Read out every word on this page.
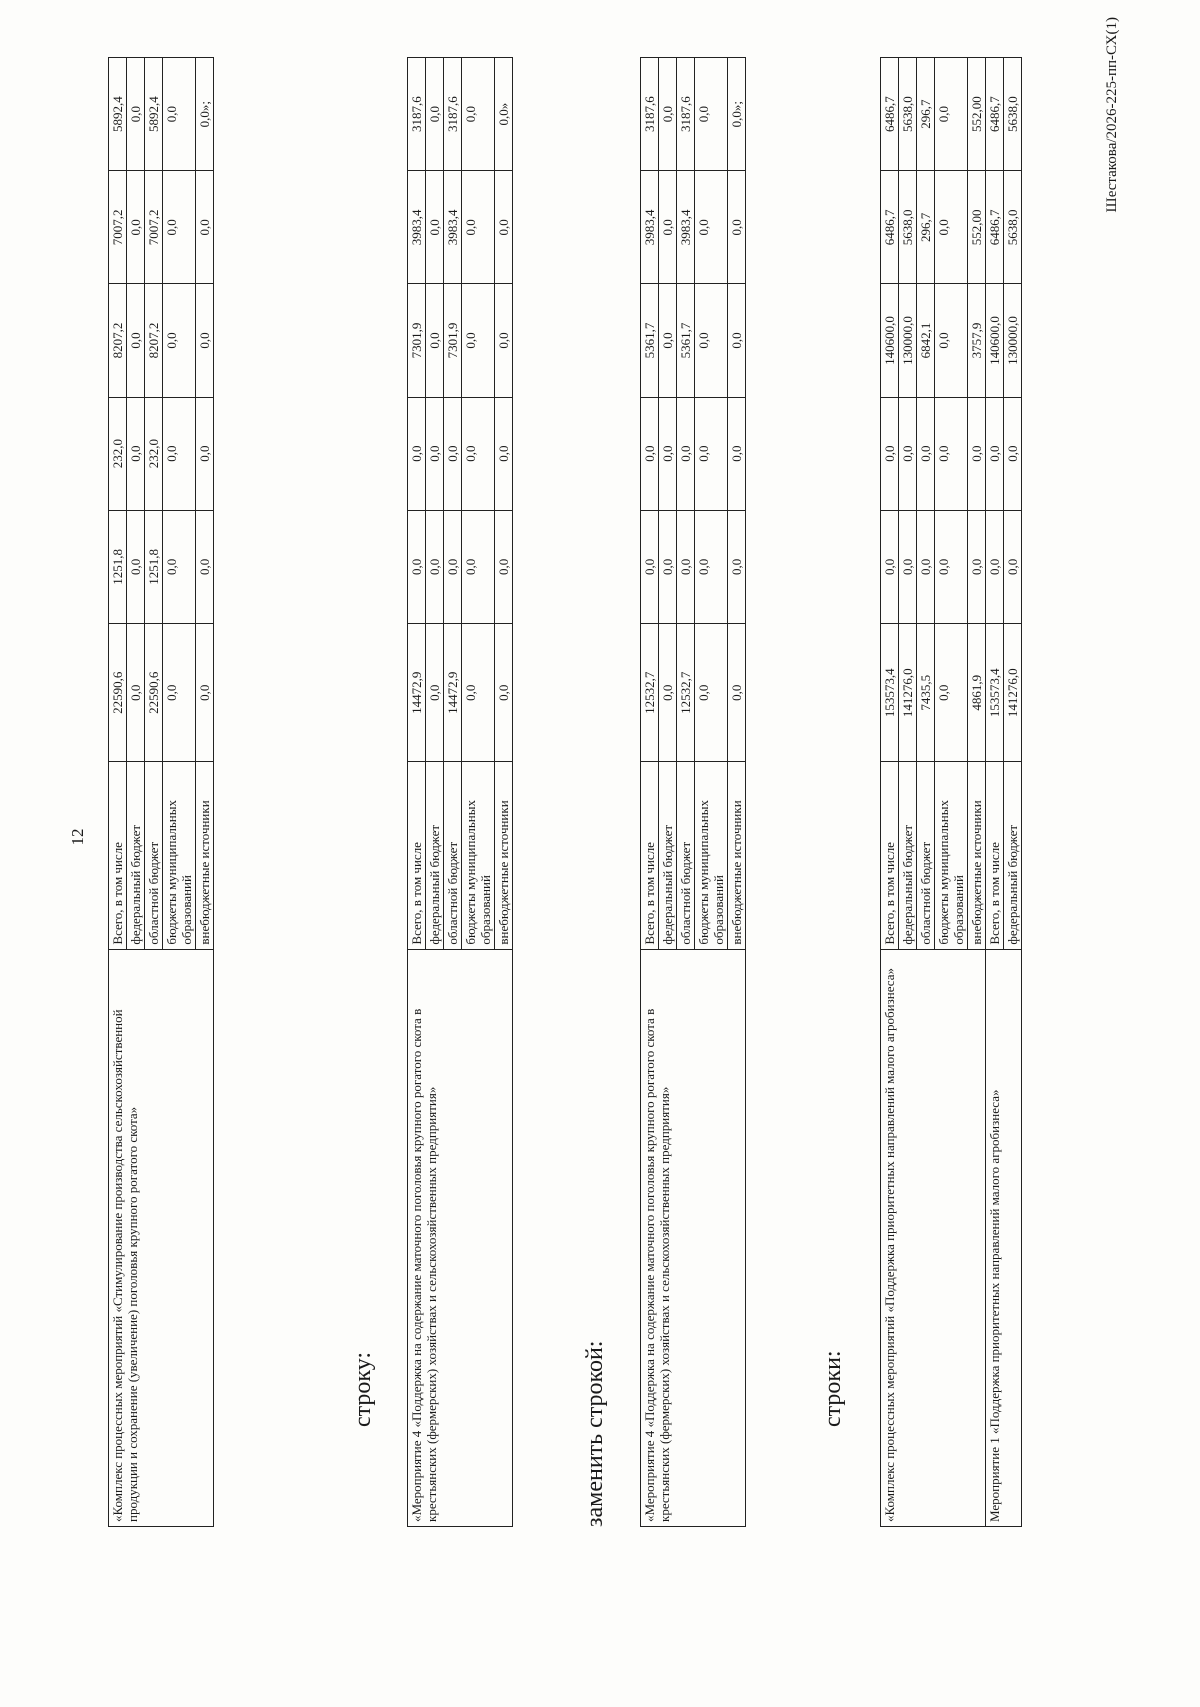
12
«Комплекс процессных мероприятий «Стимулирование производства сельскохозяйственной продукции и сохранение (увеличение) поголовья крупного рогатого скота»	Всего, в том числе	22590,6	1251,8	232,0	8207,2	7007,2	5892,4
	федеральный бюджет	0,0	0,0	0,0	0,0	0,0	0,0
	областной бюджет	22590,6	1251,8	232,0	8207,2	7007,2	5892,4
	бюджеты муниципальных образований	0,0	0,0	0,0	0,0	0,0	0,0
	внебюджетные источники	0,0	0,0	0,0	0,0	0,0	0,0»;
строку:	«Мероприятие 4 «Поддержка на содержание маточного поголовья крупного рогатого скота в крестьянских (фермерских) хозяйствах и сельскохозяйственных предприятия»	Всего, в том числе	14472,9	0,0	0,0	7301,9	3983,4	3187,6
	федеральный бюджет	0,0	0,0	0,0	0,0	0,0	0,0
	областной бюджет	14472,9	0,0	0,0	7301,9	3983,4	3187,6
	бюджеты муниципальных образований	0,0	0,0	0,0	0,0	0,0	0,0
	внебюджетные источники	0,0	0,0	0,0	0,0	0,0	0,0»
заменить строкой:	«Мероприятие 4 «Поддержка на содержание маточного поголовья крупного рогатого скота в крестьянских (фермерских) хозяйствах и сельскохозяйственных предприятия»	Всего, в том числе	12532,7	0,0	0,0	5361,7	3983,4	3187,6
	федеральный бюджет	0,0	0,0	0,0	0,0	0,0	0,0
	областной бюджет	12532,7	0,0	0,0	5361,7	3983,4	3187,6
	бюджеты муниципальных образований	0,0	0,0	0,0	0,0	0,0	0,0
	внебюджетные источники	0,0	0,0	0,0	0,0	0,0	0,0»;
строки:	«Комплекс процессных мероприятий «Поддержка приоритетных направлений малого агробизнеса»	Всего, в том числе	153573,4	0,0	0,0	140600,0	6486,7	6486,7
	федеральный бюджет	141276,0	0,0	0,0	130000,0	5638,0	5638,0
	областной бюджет	7435,5	0,0	0,0	6842,1	296,7	296,7
	бюджеты муниципальных образований	0,0	0,0	0,0	0,0	0,0	0,0
	внебюджетные источники	4861,9	0,0	0,0	3757,9	552,00	552,00
Мероприятие 1 «Поддержка приоритетных направлений малого агробизнеса»	Всего, в том числе	153573,4	0,0	0,0	140600,0	6486,7	6486,7
	федеральный бюджет	141276,0	0,0	0,0	130000,0	5638,0	5638,0	Шестакова/2026-225-пп-СХ(1)
